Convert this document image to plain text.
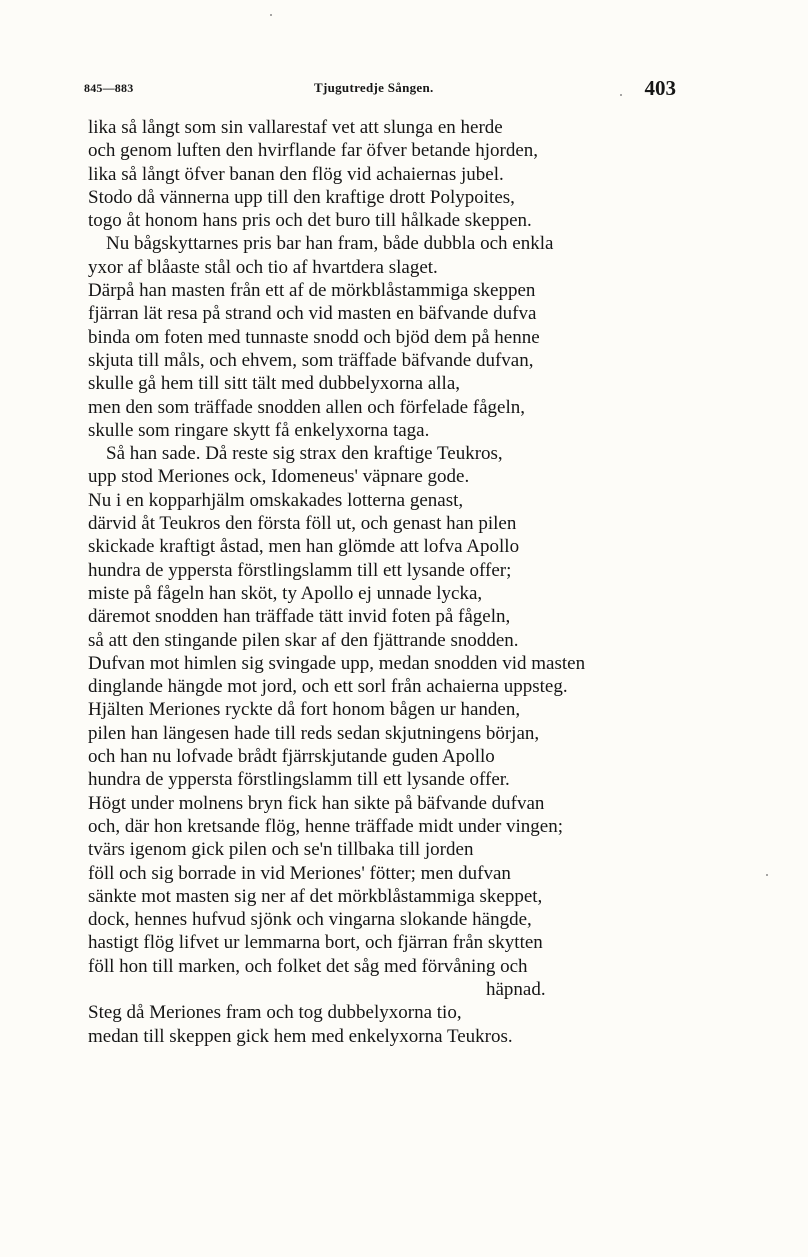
845—883	Tjugutredje Sången.	403
lika så långt som sin vallarestaf vet att slunga en herde
och genom luften den hvirflande far öfver betande hjorden,
lika så långt öfver banan den flög vid achaiernas jubel.
Stodo då vännerna upp till den kraftige drott Polypoites,
togo åt honom hans pris och det buro till hålkade skeppen.
Nu bågskyttarnes pris bar han fram, både dubbla och enkla
yxor af blåaste stål och tio af hvartdera slaget.
Därpå han masten från ett af de mörkblåstammiga skeppen
fjärran lät resa på strand och vid masten en bäfvande dufva
binda om foten med tunnaste snodd och bjöd dem på henne
skjuta till måls, och ehvem, som träffade bäfvande dufvan,
skulle gå hem till sitt tält med dubbelyxorna alla,
men den som träffade snodden allen och förfelade fågeln,
skulle som ringare skytt få enkelyxorna taga.
Så han sade. Då reste sig strax den kraftige Teukros,
upp stod Meriones ock, Idomeneus' väpnare gode.
Nu i en kopparhjälm omskakades lotterna genast,
därvid åt Teukros den första föll ut, och genast han pilen
skickade kraftigt åstad, men han glömde att lofva Apollo
hundra de yppersta förstlingslamm till ett lysande offer;
miste på fågeln han sköt, ty Apollo ej unnade lycka,
däremot snodden han träffade tätt invid foten på fågeln,
så att den stingande pilen skar af den fjättrande snodden.
Dufvan mot himlen sig svingade upp, medan snodden vid masten
dinglande hängde mot jord, och ett sorl från achaierna uppsteg.
Hjälten Meriones ryckte då fort honom bågen ur handen,
pilen han längesen hade till reds sedan skjutningens början,
och han nu lofvade brådt fjärrskjutande guden Apollo
hundra de yppersta förstlingslamm till ett lysande offer.
Högt under molnens bryn fick han sikte på bäfvande dufvan
och, där hon kretsande flög, henne träffade midt under vingen;
tvärs igenom gick pilen och se'n tillbaka till jorden
föll och sig borrade in vid Meriones' fötter; men dufvan
sänkte mot masten sig ner af det mörkblåstammiga skeppet,
dock, hennes hufvud sjönk och vingarna slokande hängde,
hastigt flög lifvet ur lemmarna bort, och fjärran från skytten
föll hon till marken, och folket det såg med förvåning och
häpnad.
Steg då Meriones fram och tog dubbelyxorna tio,
medan till skeppen gick hem med enkelyxorna Teukros.
